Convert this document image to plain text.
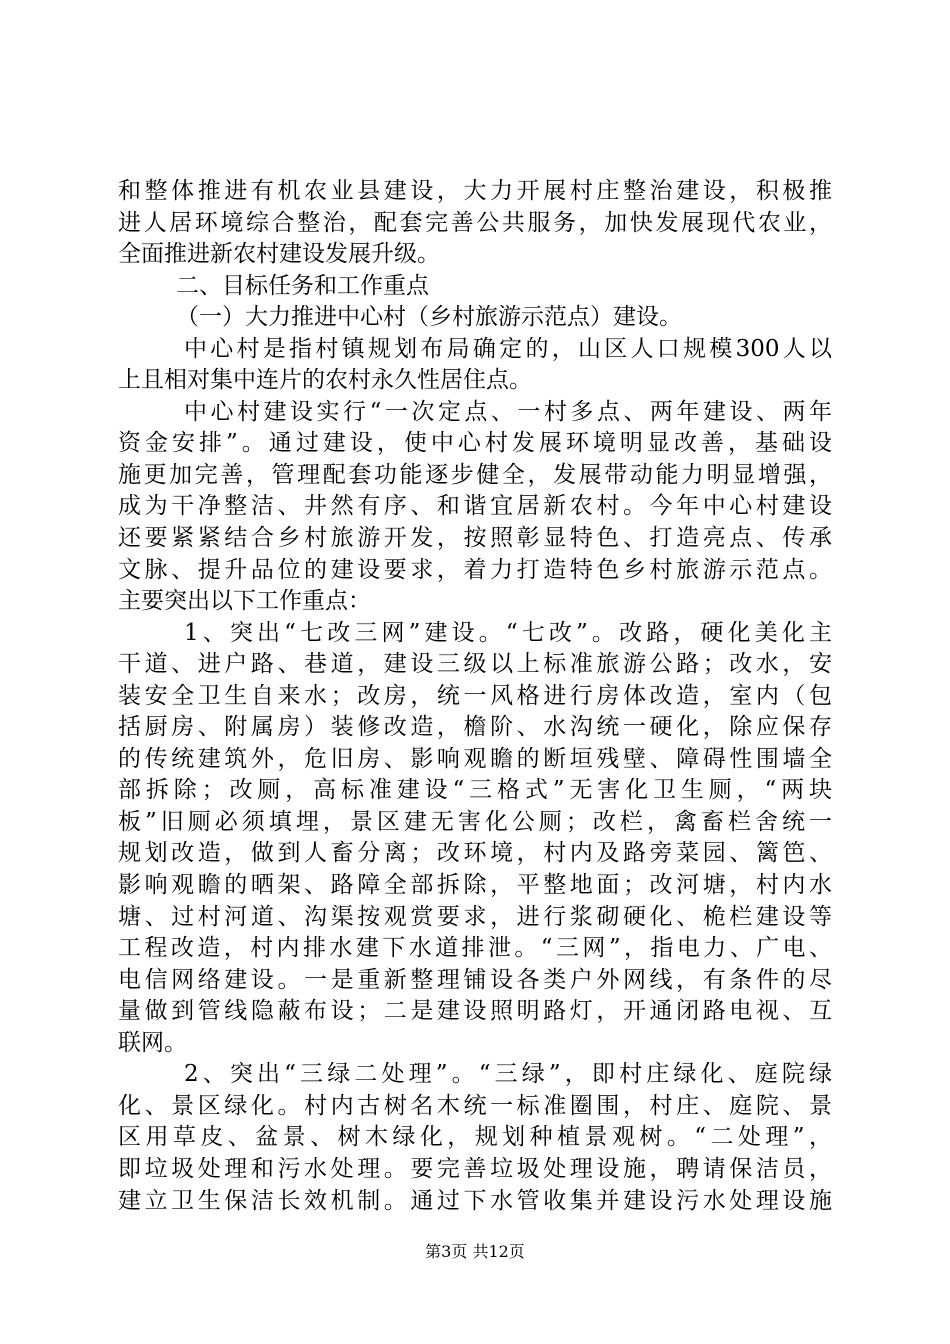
和整体推进有机农业县建设，大力开展村庄整治建设，积极推
进人居环境综合整治，配套完善公共服务，加快发展现代农业，
全面推进新农村建设发展升级。
二、目标任务和工作重点
（一）大力推进中心村（乡村旅游示范点）建设。
中心村是指村镇规划布局确定的，山区人口规模300人以
上且相对集中连片的农村永久性居住点。
中心村建设实行“一次定点、一村多点、两年建设、两年
资金安排”。通过建设，使中心村发展环境明显改善，基础设
施更加完善，管理配套功能逐步健全，发展带动能力明显增强，
成为干净整洁、井然有序、和谐宜居新农村。今年中心村建设
还要紧紧结合乡村旅游开发，按照彰显特色、打造亮点、传承
文脉、提升品位的建设要求，着力打造特色乡村旅游示范点。
主要突出以下工作重点：
1、突出“七改三网”建设。“七改”。改路，硬化美化主
干道、进户路、巷道，建设三级以上标准旅游公路；改水，安
装安全卫生自来水；改房，统一风格进行房体改造，室内（包
括厨房、附属房）装修改造，檐阶、水沟统一硬化，除应保存
的传统建筑外，危旧房、影响观瞻的断垣残壁、障碍性围墙全
部拆除；改厕，高标准建设“三格式”无害化卫生厕，“两块
板”旧厕必须填埋，景区建无害化公厕；改栏，禽畜栏舍统一
规划改造，做到人畜分离；改环境，村内及路旁菜园、篱笆、
影响观瞻的晒架、路障全部拆除，平整地面；改河塘，村内水
塘、过村河道、沟渠按观赏要求，进行浆砌硬化、桅栏建设等
工程改造，村内排水建下水道排泄。“三网”，指电力、广电、
电信网络建设。一是重新整理铺设各类户外网线，有条件的尽
量做到管线隐蔽布设；二是建设照明路灯，开通闭路电视、互
联网。
2、突出“三绿二处理”。“三绿”，即村庄绿化、庭院绿
化、景区绿化。村内古树名木统一标准圈围，村庄、庭院、景
区用草皮、盆景、树木绿化，规划种植景观树。“二处理”，
即垃圾处理和污水处理。要完善垃圾处理设施，聘请保洁员，
建立卫生保洁长效机制。通过下水管收集并建设污水处理设施
第3页 共12页
